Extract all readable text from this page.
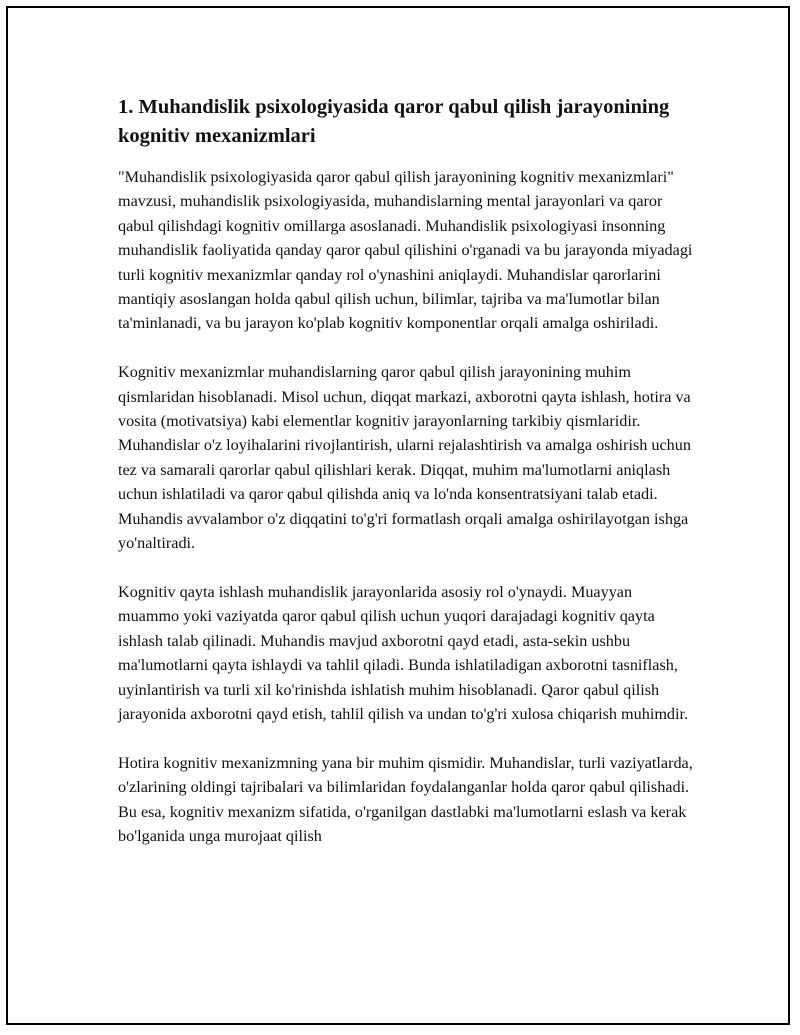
1. Muhandislik psixologiyasida qaror qabul qilish jarayonining kognitiv mexanizmlari
"Muhandislik psixologiyasida qaror qabul qilish jarayonining kognitiv mexanizmlari" mavzusi, muhandislik psixologiyasida, muhandislarning mental jarayonlari va qaror qabul qilishdagi kognitiv omillarga asoslanadi. Muhandislik psixologiyasi insonning muhandislik faoliyatida qanday qaror qabul qilishini o'rganadi va bu jarayonda miyadagi turli kognitiv mexanizmlar qanday rol o'ynashini aniqlaydi. Muhandislar qarorlarini mantiqiy asoslangan holda qabul qilish uchun, bilimlar, tajriba va ma'lumotlar bilan ta'minlanadi, va bu jarayon ko'plab kognitiv komponentlar orqali amalga oshiriladi.
Kognitiv mexanizmlar muhandislarning qaror qabul qilish jarayonining muhim qismlaridan hisoblanadi. Misol uchun, diqqat markazi, axborotni qayta ishlash, hotira va vosita (motivatsiya) kabi elementlar kognitiv jarayonlarning tarkibiy qismlaridir. Muhandislar o'z loyihalarini rivojlantirish, ularni rejalashtirish va amalga oshirish uchun tez va samarali qarorlar qabul qilishlari kerak. Diqqat, muhim ma'lumotlarni aniqlash uchun ishlatiladi va qaror qabul qilishda aniq va lo'nda konsentratsiyani talab etadi. Muhandis avvalambor o'z diqqatini to'g'ri formatlash orqali amalga oshirilayotgan ishga yo'naltiradi.
Kognitiv qayta ishlash muhandislik jarayonlarida asosiy rol o'ynaydi. Muayyan muammo yoki vaziyatda qaror qabul qilish uchun yuqori darajadagi kognitiv qayta ishlash talab qilinadi. Muhandis mavjud axborotni qayd etadi, asta-sekin ushbu ma'lumotlarni qayta ishlaydi va tahlil qiladi. Bunda ishlatiladigan axborotni tasniflash, uyinlantirish va turli xil ko'rinishda ishlatish muhim hisoblanadi. Qaror qabul qilish jarayonida axborotni qayd etish, tahlil qilish va undan to'g'ri xulosa chiqarish muhimdir.
Hotira kognitiv mexanizmning yana bir muhim qismidir. Muhandislar, turli vaziyatlarda, o'zlarining oldingi tajribalari va bilimlaridan foydalanganlar holda qaror qabul qilishadi. Bu esa, kognitiv mexanizm sifatida, o'rganilgan dastlabki ma'lumotlarni eslash va kerak bo'lganida unga murojaat qilish
